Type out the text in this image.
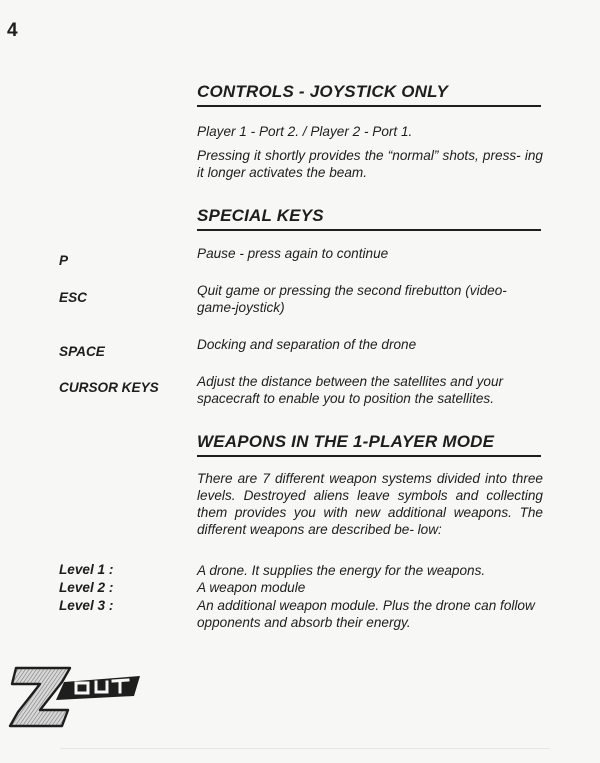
4
CONTROLS - JOYSTICK ONLY
Player 1 - Port 2. / Player 2 - Port 1.
Pressing it shortly provides the “normal” shots, press- ing it longer activates the beam.
SPECIAL KEYS
P	Pause - press again to continue
ESC	Quit game or pressing the second firebutton (video- game-joystick)
SPACE	Docking and separation of the drone
CURSOR KEYS	Adjust the distance between the satellites and your spacecraft to enable you to position the satellites.
WEAPONS IN THE 1-PLAYER MODE
There are 7 different weapon systems divided into three levels. Destroyed aliens leave symbols and collecting them provides you with new additional weapons. The different weapons are described be- low:
Level 1 :	A drone. It supplies the energy for the weapons.
Level 2 :	A weapon module
Level 3 :	An additional weapon module. Plus the drone can follow opponents and absorb their energy.
